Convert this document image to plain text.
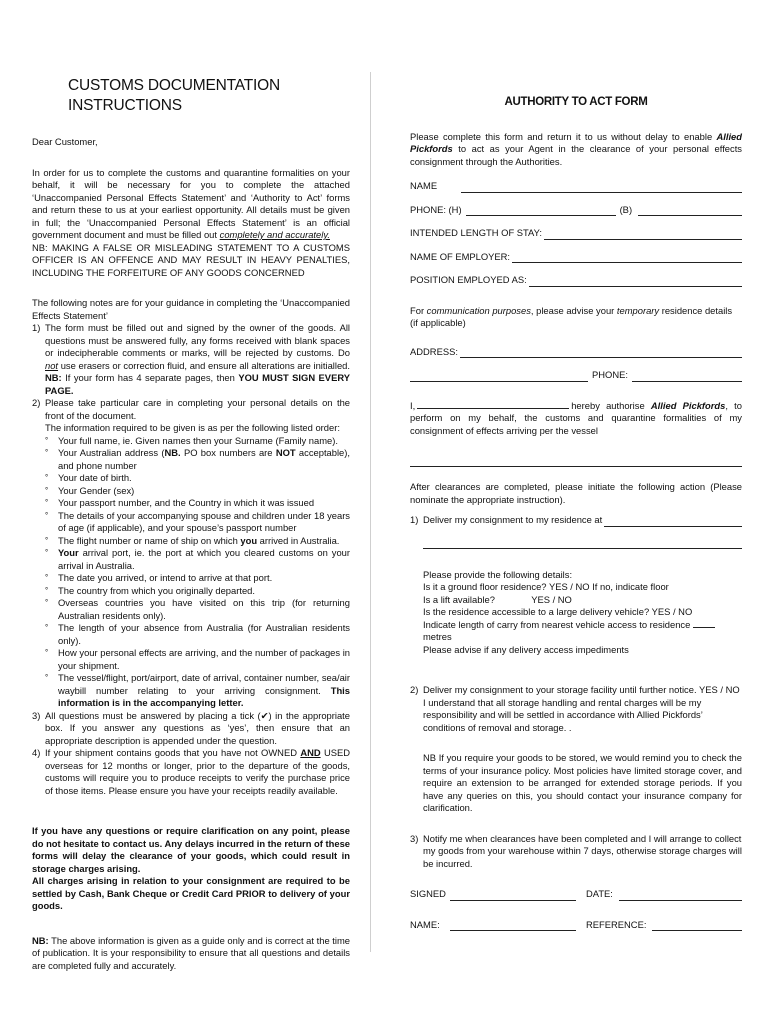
CUSTOMS DOCUMENTATION INSTRUCTIONS
Dear Customer,
In order for us to complete the customs and quarantine formalities on your behalf, it will be necessary for you to complete the attached ‘Unaccompanied Personal Effects Statement’ and ‘Authority to Act’ forms and return these to us at your earliest opportunity. All details must be given in full; the ‘Unaccompanied Personal Effects Statement’ is an official government document and must be filled out completely and accurately.
NB: MAKING A FALSE OR MISLEADING STATEMENT TO A CUSTOMS OFFICER IS AN OFFENCE AND MAY RESULT IN HEAVY PENALTIES, INCLUDING THE FORFEITURE OF ANY GOODS CONCERNED
The following notes are for your guidance in completing the ‘Unaccompanied Effects Statement’
1) The form must be filled out and signed by the owner of the goods. All questions must be answered fully, any forms received with blank spaces or indecipherable comments or marks, will be rejected by customs. Do not use erasers or correction fluid, and ensure all alterations are initialled. NB: If your form has 4 separate pages, then YOU MUST SIGN EVERY PAGE.
2) Please take particular care in completing your personal details on the front of the document.
The information required to be given is as per the following listed order:
°	Your full name, ie. Given names then your Surname (Family name).
°	Your Australian address (NB. PO box numbers are NOT acceptable), and phone number
°	Your date of birth.
°	Your Gender (sex)
°	Your passport number, and the Country in which it was issued
°	The details of your accompanying spouse and children under 18 years of age (if applicable), and your spouse’s passport number
°	The flight number or name of ship on which you arrived in Australia.
°	Your arrival port, ie. the port at which you cleared customs on your arrival in Australia.
°	The date you arrived, or intend to arrive at that port.
°	The country from which you originally departed.
°	Overseas countries you have visited on this trip (for returning Australian residents only).
°	The length of your absence from Australia (for Australian residents only).
°	How your personal effects are arriving, and the number of packages in your shipment.
°	The vessel/flight, port/airport, date of arrival, container number, sea/air waybill number relating to your arriving consignment. This information is in the accompanying letter.
3) All questions must be answered by placing a tick (✔) in the appropriate box. If you answer any questions as ‘yes’, then ensure that an appropriate description is appended under the question.
4) If your shipment contains goods that you have not OWNED AND USED overseas for 12 months or longer, prior to the departure of the goods, customs will require you to produce receipts to verify the purchase price of those items. Please ensure you have your receipts readily available.
If you have any questions or require clarification on any point, please do not hesitate to contact us. Any delays incurred in the return of these forms will delay the clearance of your goods, which could result in storage charges arising.
All charges arising in relation to your consignment are required to be settled by Cash, Bank Cheque or Credit Card PRIOR to delivery of your goods.
NB: The above information is given as a guide only and is correct at the time of publication. It is your responsibility to ensure that all questions and details are completed fully and accurately.
AUTHORITY TO ACT FORM
Please complete this form and return it to us without delay to enable Allied Pickfords to act as your Agent in the clearance of your personal effects consignment through the Authorities.
NAME
PHONE: (H)	(B)
INTENDED LENGTH OF STAY:
NAME OF EMPLOYER:
POSITION EMPLOYED AS:
For communication purposes, please advise your temporary residence details (if applicable)
ADDRESS:
PHONE:
I,	hereby authorise Allied Pickfords, to perform on my behalf, the customs and quarantine formalities of my consignment of effects arriving per the vessel
After clearances are completed, please initiate the following action (Please nominate the appropriate instruction).
1) Deliver my consignment to my residence at
Please provide the following details:
Is it a ground floor residence? YES / NO If no, indicate floor
Is a lift available?              YES / NO
Is the residence accessible to a large delivery vehicle? YES / NO
Indicate length of carry from nearest vehicle access to residence  metres
Please advise if any delivery access impediments
2) Deliver my consignment to your storage facility until further notice. YES / NO
I understand that all storage handling and rental charges will be my responsibility and will be settled in accordance with Allied Pickfords’ conditions of removal and storage. .
NB If you require your goods to be stored, we would remind you to check the terms of your insurance policy. Most policies have limited storage cover, and require an extension to be arranged for extended storage periods. If you have any queries on this, you should contact your insurance company for clarification.
3) Notify me when clearances have been completed and I will arrange to collect my goods from your warehouse within 7 days, otherwise storage charges will be incurred.
SIGNED	DATE:
NAME:	REFERENCE:
